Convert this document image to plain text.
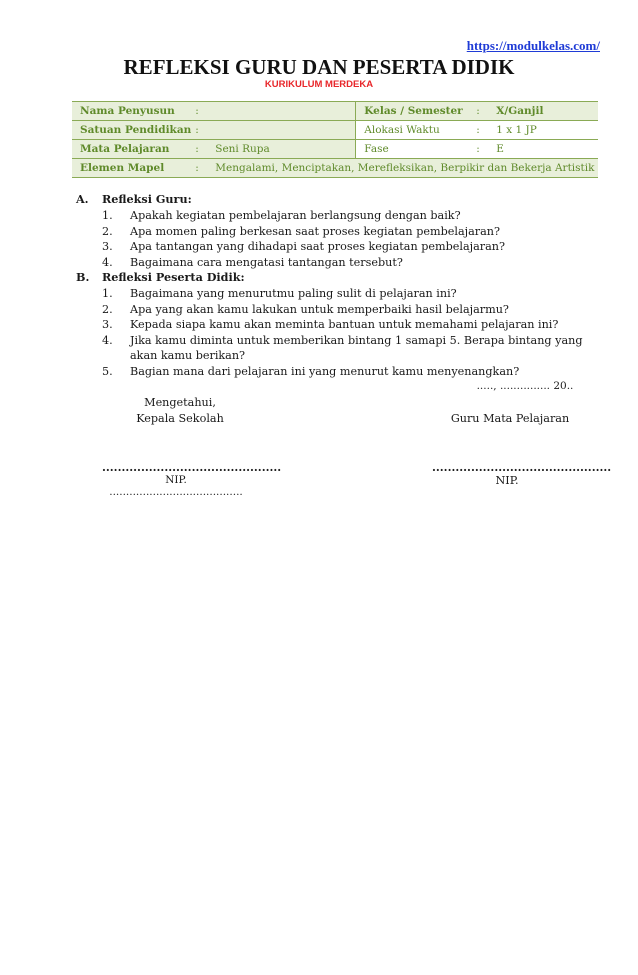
https://modulkelas.com/
REFLEKSI GURU DAN PESERTA DIDIK
KURIKULUM MERDEKA
Nama Penyusun	:		Kelas / Semester	:	X/Ganjil
Satuan Pendidikan	:		Alokasi Waktu	:	1 x 1 JP
Mata Pelajaran	:	Seni Rupa	Fase	:	E
Elemen Mapel	:	Mengalami, Menciptakan, Merefleksikan, Berpikir dan Bekerja Artistik			
A. Refleksi Guru:
1.	Apakah kegiatan pembelajaran berlangsung dengan baik?
2.	Apa momen paling berkesan saat proses kegiatan pembelajaran?
3.	Apa tantangan yang dihadapi saat proses kegiatan pembelajaran?
4.	Bagaimana cara mengatasi tantangan tersebut?
B. Refleksi Peserta Didik:
1.	Bagaimana yang menurutmu paling sulit di pelajaran ini?
2.	Apa yang akan kamu lakukan untuk memperbaiki hasil belajarmu?
3.	Kepada siapa kamu akan meminta bantuan untuk memahami pelajaran ini?
4.	Jika kamu diminta untuk memberikan bintang 1 samapi 5. Berapa bintang yang akan kamu berikan?
5.	Bagian mana dari pelajaran ini yang menurut kamu menyenangkan?
....., ............... 20..
Mengetahui,
Kepala Sekolah	Guru Mata Pelajaran
..............................................
NIP. ........................................
..............................................
NIP.
